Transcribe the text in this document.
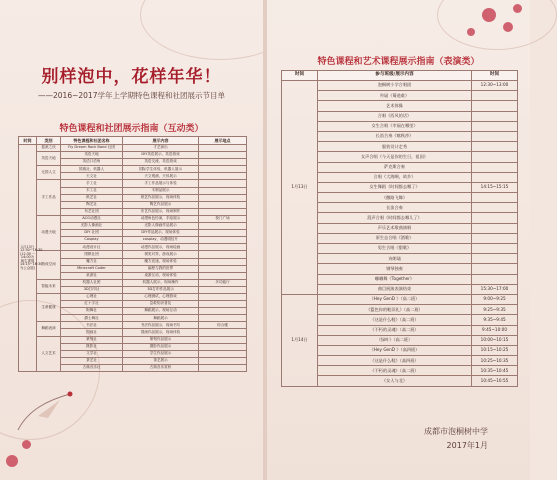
别样泡中，花样年华！
——2016~2017学年上学期特色课程和社团展示节目单
特色课程和社团展示指南（互动类）
时间	类别	特色课程和社团名称	展示内容	展示地点
1月13日 12:30~16:30 (12:30 ~ 14:00为师生观展 14:15~16:30为公众展)	摇滚之伙	Fly Dream Rock Band 社团	才艺演出	
	英语天地	英语天地	DIY英语展示，英语游戏	
		英语口语角	英语交流、英语游戏	
	无国人文	国旗社，机器人	国际学生体验，机器人展示	
		天文社	天文观测，天体展示	
	手工作品	手工社	手工作品展示与体验	
		木工社	木制品展示	
		纸艺社	纸艺作品展示，现场体验	
		陶艺社	陶艺作品展示	
		布艺社团	布艺作品展示，现场制作	
	动漫天地	ACG动漫社	动漫角色扮演，手绘展示	校门广场
		光影人像画社	光影人像画作品展示	
		DIY 社团	DIY作品展示，现场体验	
		Cosplay	cosplay，动漫明信片	
		动漫设计社	动漫作品展示，现场绘画	
	游戏空间	围棋社团	棋类对弈，游戏展示	
		魔方社	魔方竞速，现场体验	
		Minecraft Coder	编程与我的世界	
		桌游社	桌游互动，现场体验	
	智能未来	机器人社团	机器人展示，现场操作	多功能厅
		3D打印社	3D打印作品展示	
	生命健康	心理社	心理测试，心理游戏	
		红十字社	急救知识普及	
		街舞社	舞蹈展示，现场互动	
		爵士舞社	舞蹈展示	
	舞蹈表演	书法社	书法作品展示，现场书写	综合楼
		国画社	国画作品展示，现场体验	
	人文艺术	篆刻社	篆刻作品展示	
		摄影社	摄影作品展示	
		文学社	学生作品展示	
		茶艺社	茶艺展示	
		古典音乐社	古典音乐赏析	
特色课程和艺术课程展示指南（表演类）
时间	参与班级/展示内容	时间
1月13日	泡桐树小学合唱团	12:30~13:00
	吟诵《蜀道难》	
	艺术体操	
	合唱《西风的话》	
	女生合唱《幸福在哪里》	
	长笛合奏《喀秋莎》	
	服装设计走秀	
	女声合唱《今天是你的生日，祖国》	
	萨克斯合奏	
	合唱《大海啊，故乡》	
	女生舞蹈《时间都去哪了》	14:15~15:15
	《撒路飞舞》	
	长笛合奏	
	混声合唱《时间都去哪儿了》	
	声乐艺术歌曲演唱	
	原生态合唱《酒歌》	
	男生合唱《甜歌》	
	诗朗诵	
	钢琴独奏	
	嘟嘟舞《Together》	
	曲目展演表演结束	15:30~17:00
1月14日	《Hey GenD 》（高二班）	9:00~9:25
	《篮色你的鞋旧礼》（高二班）	9:25~9:35
	《这是什么鞋》（高二班）	9:35~9:45
	《不朽的灵魂》（高二班）	9:45~10:00
	《绿叶》（高二班）	10:00~10:15
	《Hey GenD 》（高四班）	10:15~10:25
	《这是什么鞋》（高四班）	10:25~10:35
	《不朽的灵魂》（高二班）	10:35~10:45
	《女人与北》	10:45~10:55
成都市泡桐树中学
2017年1月
